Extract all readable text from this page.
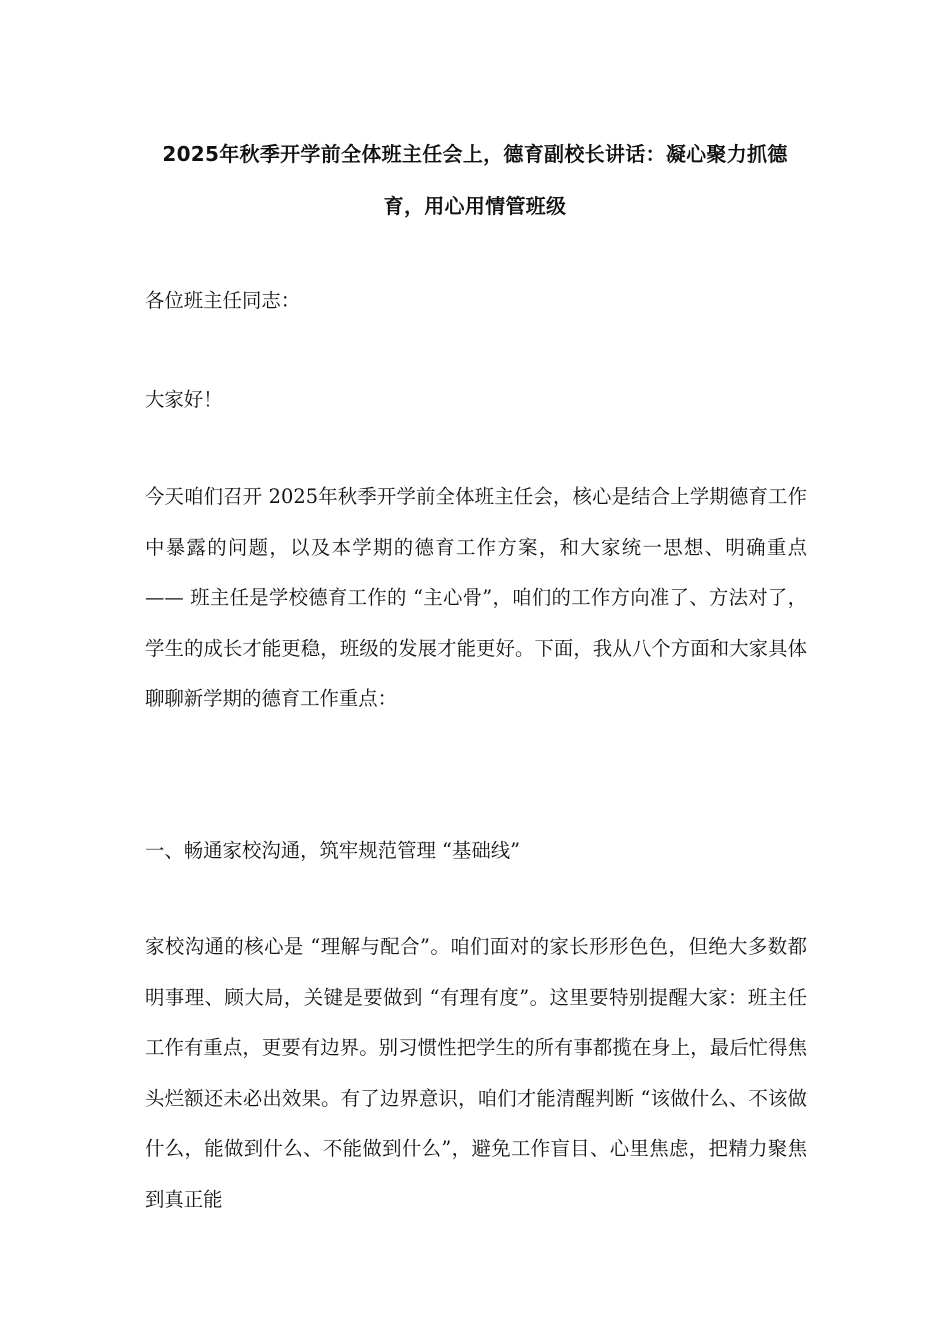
2025年秋季开学前全体班主任会上，德育副校长讲话：凝心聚力抓德育，用心用情管班级

各位班主任同志：

大家好！

今天咱们召开 2025年秋季开学前全体班主任会，核心是结合上学期德育工作中暴露的问题，以及本学期的德育工作方案，和大家统一思想、明确重点 —— 班主任是学校德育工作的 “主心骨”，咱们的工作方向准了、方法对了，学生的成长才能更稳，班级的发展才能更好。下面，我从八个方面和大家具体聊聊新学期的德育工作重点：

一、畅通家校沟通，筑牢规范管理 “基础线”

家校沟通的核心是 “理解与配合”。咱们面对的家长形形色色，但绝大多数都明事理、顾大局，关键是要做到 “有理有度”。这里要特别提醒大家：班主任工作有重点，更要有边界。别习惯性把学生的所有事都揽在身上，最后忙得焦头烂额还未必出效果。有了边界意识，咱们才能清醒判断 “该做什么、不该做什么，能做到什么、不能做到什么”，避免工作盲目、心里焦虑，把精力聚焦到真正能
